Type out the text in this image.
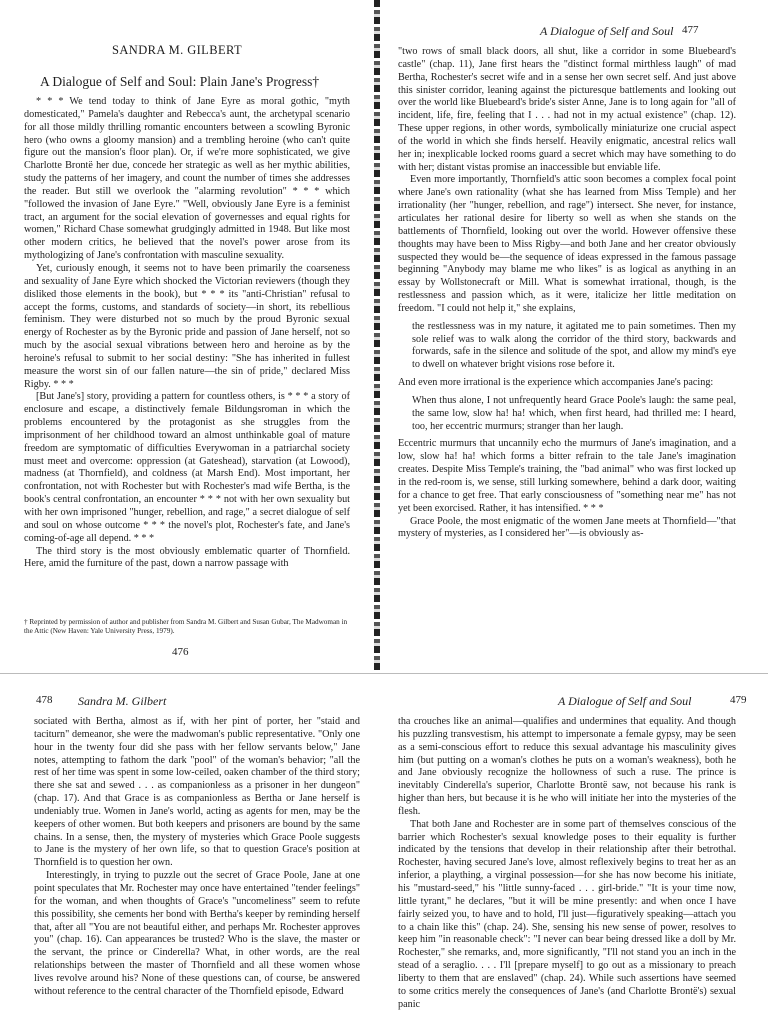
SANDRA M. GILBERT
A Dialogue of Self and Soul: Plain Jane's Progress†

* * * We tend today to think of Jane Eyre as moral gothic, "myth domesticated," Pamela's daughter and Rebecca's aunt, the archetypal scenario for all those mildly thrilling romantic encounters between a scowling Byronic hero (who owns a gloomy mansion) and a trembling heroine (who can't quite figure out the mansion's floor plan). Or, if we're more sophisticated, we give Charlotte Brontë her due, concede her strategic as well as her mythic abilities, study the patterns of her imagery, and count the number of times she addresses the reader. But still we overlook the "alarming revolution" * * * which "followed the invasion of Jane Eyre." "Well, obviously Jane Eyre is a feminist tract, an argument for the social elevation of governesses and equal rights for women," Richard Chase somewhat grudgingly admitted in 1948. But like most other modern critics, he believed that the novel's power arose from its mythologizing of Jane's confrontation with masculine sexuality.

Yet, curiously enough, it seems not to have been primarily the coarseness and sexuality of Jane Eyre which shocked the Victorian reviewers (though they disliked those elements in the book), but * * * its "anti-Christian" refusal to accept the forms, customs, and standards of society—in short, its rebellious feminism. They were disturbed not so much by the proud Byronic sexual energy of Rochester as by the Byronic pride and passion of Jane herself, not so much by the asocial sexual vibrations between hero and heroine as by the heroine's refusal to submit to her social destiny: "She has inherited in fullest measure the worst sin of our fallen nature—the sin of pride," declared Miss Rigby. * * *

[But Jane's] story, providing a pattern for countless others, is * * * a story of enclosure and escape, a distinctively female Bildungsroman in which the problems encountered by the protagonist as she struggles from the imprisonment of her childhood toward an almost unthinkable goal of mature freedom are symptomatic of difficulties Everywoman in a patriarchal society must meet and overcome: oppression (at Gateshead), starvation (at Lowood), madness (at Thornfield), and coldness (at Marsh End). Most important, her confrontation, not with Rochester but with Rochester's mad wife Bertha, is the book's central confrontation, an encounter * * * not with her own sexuality but with her own imprisoned "hunger, rebellion, and rage," a secret dialogue of self and soul on whose outcome * * * the novel's plot, Rochester's fate, and Jane's coming-of-age all depend. * * *

The third story is the most obviously emblematic quarter of Thornfield. Here, amid the furniture of the past, down a narrow passage with

† Reprinted by permission of author and publisher from Sandra M. Gilbert and Susan Gubar, The Madwoman in the Attic (New Haven: Yale University Press, 1979).
476
A Dialogue of Self and Soul 477

"two rows of small black doors, all shut, like a corridor in some Bluebeard's castle" (chap. 11), Jane first hears the "distinct formal mirthless laugh" of mad Bertha, Rochester's secret wife and in a sense her own secret self. And just above this sinister corridor, leaning against the picturesque battlements and looking out over the world like Bluebeard's bride's sister Anne, Jane is to long again for "all of incident, life, fire, feeling that I . . . had not in my actual existence" (chap. 12). These upper regions, in other words, symbolically miniaturize one crucial aspect of the world in which she finds herself. Heavily enigmatic, ancestral relics wall her in; inexplicable locked rooms guard a secret which may have something to do with her; distant vistas promise an inaccessible but enviable life.

Even more importantly, Thornfield's attic soon becomes a complex focal point where Jane's own rationality (what she has learned from Miss Temple) and her irrationality (her "hunger, rebellion, and rage") intersect. She never, for instance, articulates her rational desire for liberty so well as when she stands on the battlements of Thornfield, looking out over the world. However offensive these thoughts may have been to Miss Rigby—and both Jane and her creator obviously suspected they would be—the sequence of ideas expressed in the famous passage beginning "Anybody may blame me who likes" is as logical as anything in an essay by Wollstonecraft or Mill. What is somewhat irrational, though, is the restlessness and passion which, as it were, italicize her little meditation on freedom. "I could not help it," she explains,

the restlessness was in my nature, it agitated me to pain sometimes. Then my sole relief was to walk along the corridor of the third story, backwards and forwards, safe in the silence and solitude of the spot, and allow my mind's eye to dwell on whatever bright visions rose before it.

And even more irrational is the experience which accompanies Jane's pacing:

When thus alone, I not unfrequently heard Grace Poole's laugh: the same peal, the same low, slow ha! ha! which, when first heard, had thrilled me: I heard, too, her eccentric murmurs; stranger than her laugh.

Eccentric murmurs that uncannily echo the murmurs of Jane's imagination, and a low, slow ha! ha! which forms a bitter refrain to the tale Jane's imagination creates. Despite Miss Temple's training, the "bad animal" who was first locked up in the red-room is, we sense, still lurking somewhere, behind a dark door, waiting for a chance to get free. That early consciousness of "something near me" has not yet been exorcised. Rather, it has intensified. * * *

Grace Poole, the most enigmatic of the women Jane meets at Thornfield—"that mystery of mysteries, as I considered her"—is obviously as-

478 Sandra M. Gilbert

sociated with Bertha, almost as if, with her pint of porter, her "staid and taciturn" demeanor, she were the madwoman's public representative. "Only one hour in the twenty four did she pass with her fellow servants below," Jane notes, attempting to fathom the dark "pool" of the woman's behavior; "all the rest of her time was spent in some low-ceiled, oaken chamber of the third story; there she sat and sewed . . . as companionless as a prisoner in her dungeon" (chap. 17). And that Grace is as companionless as Bertha or Jane herself is undeniably true. Women in Jane's world, acting as agents for men, may be the keepers of other women. But both keepers and prisoners are bound by the same chains. In a sense, then, the mystery of mysteries which Grace Poole suggests to Jane is the mystery of her own life, so that to question Grace's position at Thornfield is to question her own.

Interestingly, in trying to puzzle out the secret of Grace Poole, Jane at one point speculates that Mr. Rochester may once have entertained "tender feelings" for the woman, and when thoughts of Grace's "uncomeliness" seem to refute this possibility, she cements her bond with Bertha's keeper by reminding herself that, after all "You are not beautiful either, and perhaps Mr. Rochester approves you" (chap. 16). Can appearances be trusted? Who is the slave, the master or the servant, the prince or Cinderella? What, in other words, are the real relationships between the master of Thornfield and all these women whose lives revolve around his? None of these questions can, of course, be answered without reference to the central character of the Thornfield episode, Edward

A Dialogue of Self and Soul	479

tha crouches like an animal—qualifies and undermines that equality. And though his puzzling transvestism, his attempt to impersonate a female gypsy, may be seen as a semi-conscious effort to reduce this sexual advantage his masculinity gives him (but putting on a woman's clothes he puts on a woman's weakness), both he and Jane obviously recognize the hollowness of such a ruse. The prince is inevitably Cinderella's superior, Charlotte Brontë saw, not because his rank is higher than hers, but because it is he who will initiate her into the mysteries of the flesh.

That both Jane and Rochester are in some part of themselves conscious of the barrier which Rochester's sexual knowledge poses to their equality is further indicated by the tensions that develop in their relationship after their betrothal. Rochester, having secured Jane's love, almost reflexively begins to treat her as an inferior, a plaything, a virginal possession—for she has now become his initiate, his "mustard-seed," his "little sunny-faced . . . girl-bride." "It is your time now, little tyrant," he declares, "but it will be mine presently: and when once I have fairly seized you, to have and to hold, I'll just—figuratively speaking—attach you to a chain like this" (chap. 24). She, sensing his new sense of power, resolves to keep him "in reasonable check": "I never can bear being dressed like a doll by Mr. Rochester," she remarks, and, more significantly, "I'll not stand you an inch in the stead of a seraglio. . . . I'll [prepare myself] to go out as a missionary to preach liberty to them that are enslaved" (chap. 24). While such assertions have seemed to some critics merely the consequences of Jane's (and Charlotte Brontë's) sexual panic
